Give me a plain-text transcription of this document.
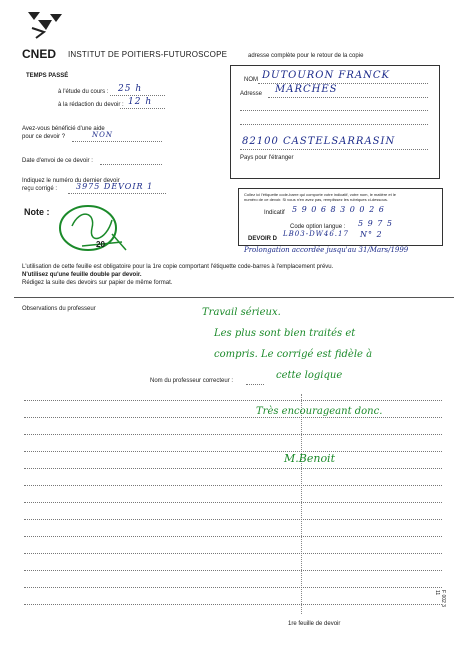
CNED INSTITUT DE POITIERS-FUTUROSCOPE	adresse complète pour le retour de la copie
TEMPS PASSÉ
à l'étude du cours : 25 h
à la rédaction du devoir : 12 h
Avez-vous bénéficié d'une aide
pour ce devoir ?	NON
Date d'envoi de ce devoir :
Indiquez le numéro du dernier devoir
reçu corrigé : 3975 DEVOIR 1
NOM DUTOURON FRANCK
Adresse MARCHES
82100 CASTELSARRASIN
Pays pour l'étranger
Collez ici l'étiquette code-barre qui comporte votre indicatif, votre nom, le matière et le
numéro de ce devoir. Si vous n'en avez pas, remplissez les rubriques ci-dessous.
Indicatif 5 9 0 6 8 3 0 0 2 6
Code option langue : 5 9 7 5
DEVOIR D
LB03-DW46.17 N° 2
Prolongation accordée jusqu'au 31/Mars/1999
Note :
20
L'utilisation de cette feuille est obligatoire pour la 1re copie comportant l'étiquette code-barres à l'emplacement prévu.
N'utilisez qu'une feuille double par devoir.
Rédigez la suite des devoirs sur papier de même format.
Observations du professeur	Travail sérieux.
Les plus sont bien traités et
compris. Le corrigé est fidèle à
cette logique
Nom du professeur correcteur :
Très encourageant donc.
M.Benoit
1re feuille de devoir
F 002 3 11
